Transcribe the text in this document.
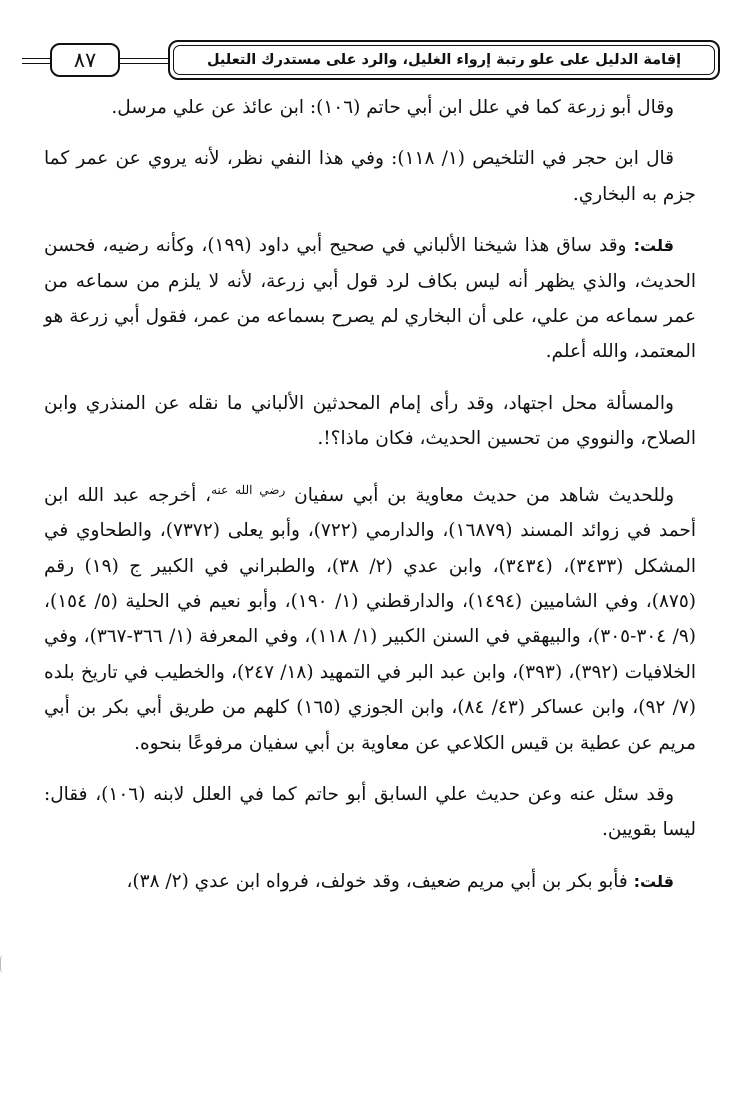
٨٧	إقامة الدليل على علو رتبة إرواء الغليل، والرد على مستدرك التعليل

وقال أبو زرعة كما في علل ابن أبي حاتم (١٠٦): ابن عائذ عن علي مرسل.

قال ابن حجر في التلخيص (١/ ١١٨): وفي هذا النفي نظر، لأنه يروي عن عمر كما جزم به البخاري.

قلت: وقد ساق هذا شيخنا الألباني في صحيح أبي داود (١٩٩)، وكأنه رضيه، فحسن الحديث، والذي يظهر أنه ليس بكاف لرد قول أبي زرعة، لأنه لا يلزم من سماعه من عمر سماعه من علي، على أن البخاري لم يصرح بسماعه من عمر، فقول أبي زرعة هو المعتمد، والله أعلم.

والمسألة محل اجتهاد، وقد رأى إمام المحدثين الألباني ما نقله عن المنذري وابن الصلاح، والنووي من تحسين الحديث، فكان ماذا؟!.

وللحديث شاهد من حديث معاوية بن أبي سفيان $^{رضي الله عنه}$، أخرجه عبد الله ابن أحمد في زوائد المسند (١٦٨٧٩)، والدارمي (٧٢٢)، وأبو يعلى (٧٣٧٢)، والطحاوي في المشكل (٣٤٣٣)، (٣٤٣٤)، وابن عدي (٢/ ٣٨)، والطبراني في الكبير ج (١٩) رقم (٨٧٥)، وفي الشاميين (١٤٩٤)، والدارقطني (١/ ١٩٠)، وأبو نعيم في الحلية (٥/ ١٥٤)، (٩/ ٣٠٤-٣٠٥)، والبيهقي في السنن الكبير (١/ ١١٨)، وفي المعرفة (١/ ٣٦٦-٣٦٧)، وفي الخلافيات (٣٩٢)، (٣٩٣)، وابن عبد البر في التمهيد (١٨/ ٢٤٧)، والخطيب في تاريخ بلده (٧/ ٩٢)، وابن عساكر (٤٣/ ٨٤)، وابن الجوزي (١٦٥) كلهم من طريق أبي بكر بن أبي مريم عن عطية بن قيس الكلاعي عن معاوية بن أبي سفيان مرفوعًا بنحوه.

وقد سئل عنه وعن حديث علي السابق أبو حاتم كما في العلل لابنه (١٠٦)، فقال: ليسا بقويين.

قلت: فأبو بكر بن أبي مريم ضعيف، وقد خولف، فرواه ابن عدي (٢/ ٣٨)،
